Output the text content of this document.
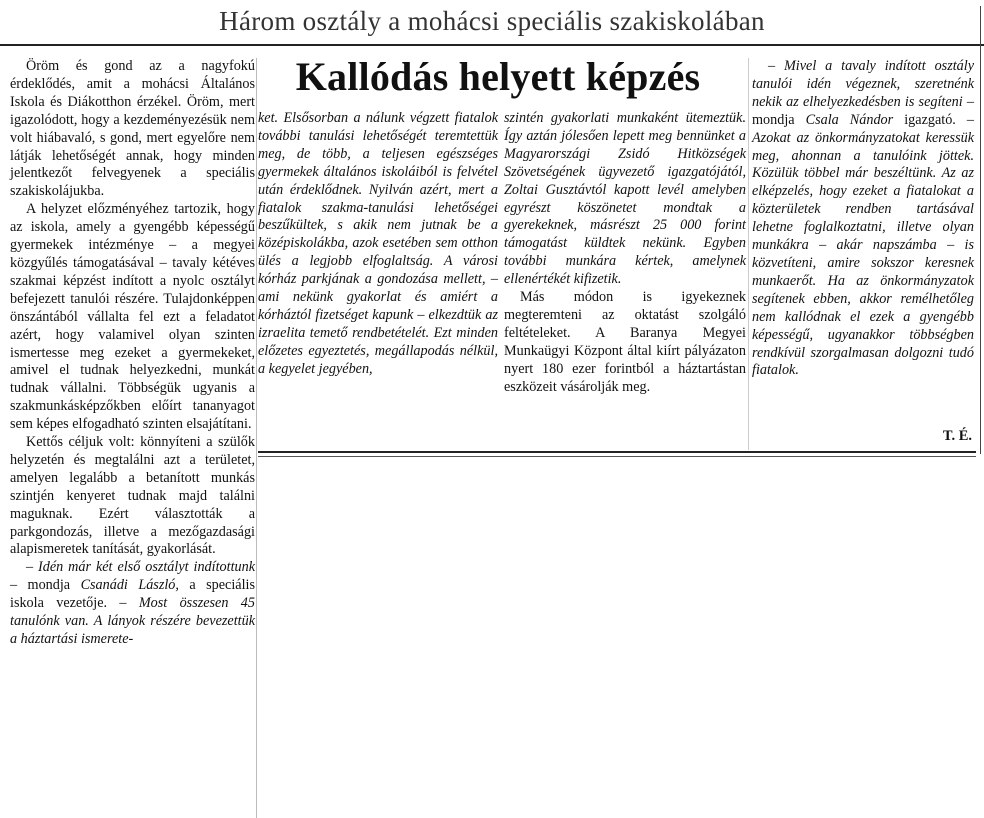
Három osztály a mohácsi speciális szakiskolában
Kallódás helyett képzés

Öröm és gond az a nagyfokú érdeklődés, amit a mohácsi Általános Iskola és Diákotthon érzékel. Öröm, mert igazolódott, hogy a kezdeményezésük nem volt hiábavaló, s gond, mert egyelőre nem látják lehetőségét annak, hogy minden jelentkezőt felvegyenek a speciális szakiskolájukba.

A helyzet előzményéhez tartozik, hogy az iskola, amely a gyengébb képességű gyermekek intézménye – a megyei közgyűlés támogatásával – tavaly kétéves szakmai képzést indított a nyolc osztályt befejezett tanulói részére. Tulajdonképpen önszántából vállalta fel ezt a feladatot azért, hogy valamivel olyan szinten ismertesse meg ezeket a gyermekeket, amivel el tudnak helyezkedni, munkát tudnak vállalni. Többségük ugyanis a szakmunkásképzőkben előírt tananyagot sem képes elfogadható szinten elsajátítani.

Kettős céljuk volt: könnyíteni a szülők helyzetén és megtalálni azt a területet, amelyen legalább a betanított munkás szintjén kenyeret tudnak majd találni maguknak. Ezért választották a parkgondozás, illetve a mezőgazdasági alapismeretek tanítását, gyakorlását.

– Idén már két első osztályt indítottunk – mondja Csanádi László, a speciális iskola vezetője. – Most összesen 45 tanulónk van. A lányok részére bevezettük a háztartási ismerete-

ket. Elsősorban a nálunk végzett fiatalok további tanulási lehetőségét teremtettük meg, de több, a teljesen egészséges gyermekek általános iskoláiból is felvétel után érdeklődnek. Nyilván azért, mert a fiatalok szakma-tanulási lehetőségei beszűkültek, s akik nem jutnak be a középiskolákba, azok esetében sem otthon ülés a legjobb elfoglaltság. A városi kórház parkjának a gondozása mellett, – ami nekünk gyakorlat és amiért a kórháztól fizetséget kapunk – elkezdtük az izraelita temető rendbetételét. Ezt minden előzetes egyeztetés, megállapodás nélkül, a kegyelet jegyében,

szintén gyakorlati munkaként ütemeztük. Így aztán jólesően lepett meg bennünket a Magyarországi Zsidó Hitközségek Szövetségének ügyvezető igazgatójától, Zoltai Gusztávtól kapott levél amelyben egyrészt köszönetet mondtak a gyerekeknek, másrészt 25 000 forint támogatást küldtek nekünk. Egyben további munkára kértek, amelynek ellenértékét kifizetik.

Más módon is igyekeznek megteremteni az oktatást szolgáló feltételeket. A Baranya Megyei Munkaügyi Központ által kiírt pályázaton nyert 180 ezer forintból a háztartástan eszközeit vásárolják meg.

– Mivel a tavaly indított osztály tanulói idén végeznek, szeretnénk nekik az elhelyezkedésben is segíteni – mondja Csala Nándor igazgató. – Azokat az önkormányzatokat keressük meg, ahonnan a tanulóink jöttek. Közülük többel már beszéltünk. Az az elképzelés, hogy ezeket a fiatalokat a közterületek rendben tartásával lehetne foglalkoztatni, illetve olyan munkákra – akár napszámba – is közvetíteni, amire sokszor keresnek munkaerőt. Ha az önkormányzatok segítenek ebben, akkor remélhetőleg nem kallódnak el ezek a gyengébb képességű, ugyanakkor többségben rendkívül szorgalmasan dolgozni tudó fiatalok.

T. É.
